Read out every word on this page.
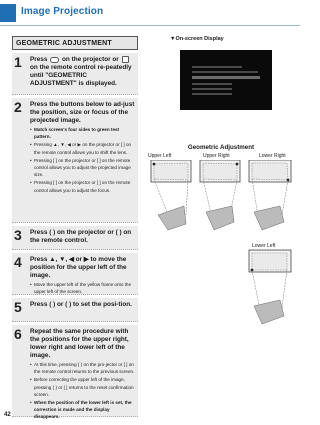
Image Projection
GEOMETRIC ADJUSTMENT
1 Press on the projector or  on the remote control re-peatedly until "GEOMETRIC ADJUSTMENT" is displayed.
2 Press the buttons below to ad-just the position, size or focus of the projected image.
• Match screen's four sides to green test pattern.
• Pressing ▲, ▼, ◀ or ▶ on the projector or [ ] on the remote control allows you to shift the lens.
• Pressing [ ] on the projector or [ ] on the remote control allows you to adjust the projected image size.
• Pressing [ ] on the projector or [ ] on the remote control allows you to adjust the focus.
3 Press ( ) on the projector or ( ) on the remote control.
4 Press ▲, ▼, ◀ or ▶ to move the position for the upper left of the image.
• Move the upper left of the yellow frame onto the upper left of the screen.
5 Press ( ) or ( ) to set the posi-tion.
6 Repeat the same procedure with the positions for the upper right, lower right and lower left of the image.
• At this time, pressing ( ) on the pro-jector or [ ] on the remote control returns to the previous screen.
• Before correcting the upper left of the image, pressing ( ) or [ ] returns to the reset confirmation screen.
• When the position of the lower left is set, the correction is made and the display disappears.
▼On-screen Display
Geometric Adjustment
Upper Left	Upper Right	Lower Right
Lower Left
42
